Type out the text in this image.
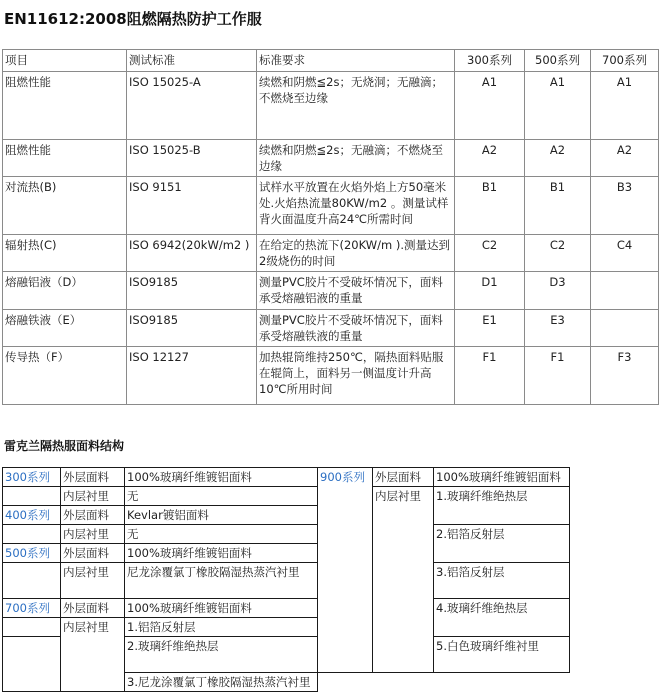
EN11612:2008阻燃隔热防护工作服
项目	测试标准	标准要求	300系列	500系列	700系列
阻燃性能	ISO 15025-A	续燃和阴燃≦2s；无烧洞；无融滴；不燃烧至边缘	A1	A1	A1
阻燃性能	ISO 15025-B	续燃和阴燃≦2s；无融滴；不燃烧至边缘	A2	A2	A2
对流热(B)	ISO 9151	试样水平放置在火焰外焰上方50毫米处.火焰热流量80KW/m2 。测量试样背火面温度升高24℃所需时间	B1	B1	B3
辐射热(C)	ISO 6942(20kW/m2 )	在给定的热流下(20KW/m ).测量达到2级烧伤的时间	C2	C2	C4
熔融铝液（D）	ISO9185	测量PVC胶片不受破坏情况下，面料承受熔融铝液的重量	D1	D3	
熔融铁液（E）	ISO9185	测量PVC胶片不受破坏情况下，面料承受熔融铁液的重量	E1	E3	
传导热（F）	ISO 12127	加热辊筒维持250℃，隔热面料贴服在辊筒上，面料另一侧温度计升高10℃所用时间	F1	F1	F3
雷克兰隔热服面料结构
300系列	外层面料	100%玻璃纤维镀铝面料	900系列	外层面料	100%玻璃纤维镀铝面料
	内层衬里	无		内层衬里	1.玻璃纤维绝热层
400系列	外层面料	Kevlar镀铝面料			
	内层衬里	无			2.铝箔反射层
500系列	外层面料	100%玻璃纤维镀铝面料			
	内层衬里	尼龙涂覆氯丁橡胶隔湿热蒸汽衬里			3.铝箔反射层
700系列	外层面料	100%玻璃纤维镀铝面料			4.玻璃纤维绝热层
	内层衬里	1.铝箔反射层			
		2.玻璃纤维绝热层			5.白色玻璃纤维衬里
		3.尼龙涂覆氯丁橡胶隔湿热蒸汽衬里			
